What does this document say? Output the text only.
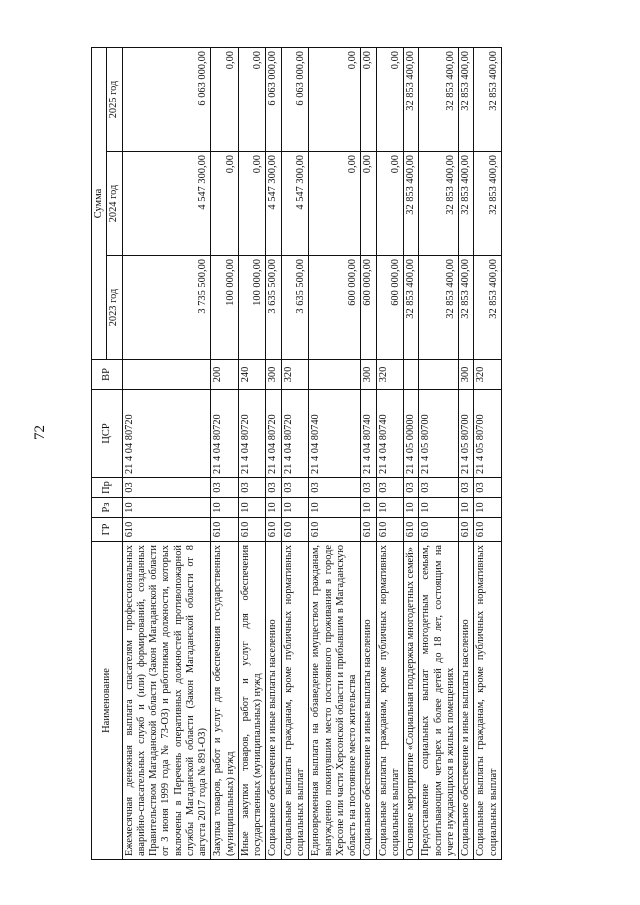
72
Наименование	ГР	Рз	Пр	ЦСР	ВР	Сумма		
						2023 год	2024 год	2025 год
Ежемесячная денежная выплата спасателям профессиональных аварийно-спасательных служб и (или) формирований, созданных Правительством Магаданской области (Закон Магаданской области от 3 июня 1999 года № 73-ОЗ) и работникам должности, которых включены в Перечень оперативных должностей противопожарной службы Магаданской области (Закон Магаданской области от 8 августа 2017 года № 891-ОЗ)	610	10	03	21 4 04 80720		3 735 500,00	4 547 300,00	6 063 000,00
Закупка товаров, работ и услуг для обеспечения государственных (муниципальных) нужд	610	10	03	21 4 04 80720	200	100 000,00	0,00	0,00
Иные закупки товаров, работ и услуг для обеспечения государственных (муниципальных) нужд	610	10	03	21 4 04 80720	240	100 000,00	0,00	0,00
Социальное обеспечение и иные выплаты населению	610	10	03	21 4 04 80720	300	3 635 500,00	4 547 300,00	6 063 000,00
Социальные выплаты гражданам, кроме публичных нормативных социальных выплат	610	10	03	21 4 04 80720	320	3 635 500,00	4 547 300,00	6 063 000,00
Единовременная выплата на обзаведение имуществом гражданам, вынужденно покинувшим место постоянного проживания в городе Херсоне или части Херсонской области и прибывшим в Магаданскую область на постоянное место жительства	610	10	03	21 4 04 80740		600 000,00	0,00	0,00
Социальное обеспечение и иные выплаты населению	610	10	03	21 4 04 80740	300	600 000,00	0,00	0,00
Социальные выплаты гражданам, кроме публичных нормативных социальных выплат	610	10	03	21 4 04 80740	320	600 000,00	0,00	0,00
Основное мероприятие «Социальная поддержка многодетных семей»	610	10	03	21 4 05 00000		32 853 400,00	32 853 400,00	32 853 400,00
Предоставление социальных выплат многодетным семьям, воспитывающим четырех и более детей до 18 лет, состоящим на учете нуждающихся в жилых помещениях	610	10	03	21 4 05 80700		32 853 400,00	32 853 400,00	32 853 400,00
Социальное обеспечение и иные выплаты населению	610	10	03	21 4 05 80700	300	32 853 400,00	32 853 400,00	32 853 400,00
Социальные выплаты гражданам, кроме публичных нормативных социальных выплат	610	10	03	21 4 05 80700	320	32 853 400,00	32 853 400,00	32 853 400,00
